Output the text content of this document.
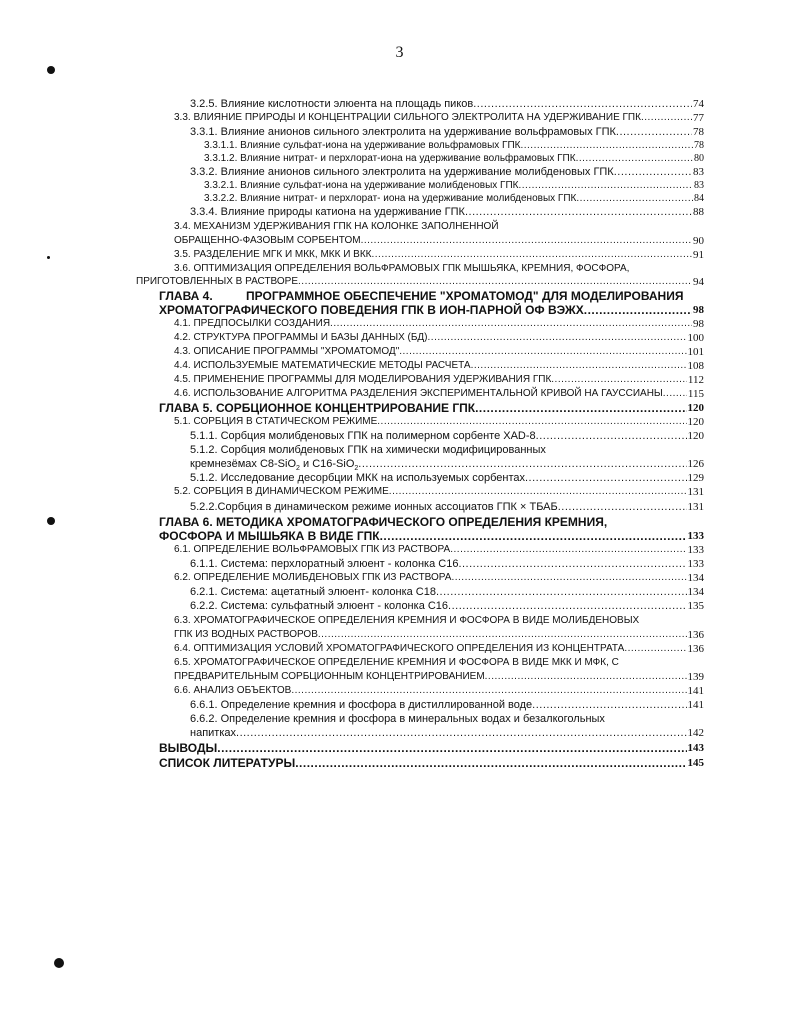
3
3.2.5. Влияние кислотности элюента на площадь пиков .....	74
3.3. ВЛИЯНИЕ ПРИРОДЫ И КОНЦЕНТРАЦИИ СИЛЬНОГО ЭЛЕКТРОЛИТА НА УДЕРЖИВАНИЕ ГПК .....	77
3.3.1. Влияние анионов сильного электролита на удерживание вольфрамовых ГПК .....	78
3.3.1.1. Влияние сульфат-иона на удерживание вольфрамовых ГПК .....	78
3.3.1.2. Влияние нитрат- и перхлорат-иона на удерживание вольфрамовых ГПК .....	80
3.3.2. Влияние анионов сильного электролита на удерживание молибденовых ГПК .....	83
3.3.2.1. Влияние сульфат-иона на удерживание молибденовых ГПК .....	83
3.3.2.2. Влияние нитрат- и перхлорат- иона на удерживание молибденовых ГПК .....	84
3.3.4. Влияние природы катиона на удерживание ГПК .....	88
3.4. МЕХАНИЗМ УДЕРЖИВАНИЯ ГПК НА КОЛОНКЕ ЗАПОЛНЕННОЙ
ОБРАЩЕННО-ФАЗОВЫМ СОРБЕНТОМ .....	90
3.5. РАЗДЕЛЕНИЕ МГК И МКК, МКК И ВКК .....	91
3.6. ОПТИМИЗАЦИЯ ОПРЕДЕЛЕНИЯ ВОЛЬФРАМОВЫХ ГПК МЫШЬЯКА, КРЕМНИЯ, ФОСФОРА,
ПРИГОТОВЛЕННЫХ В РАСТВОРЕ .....	94
ГЛАВА 4.	ПРОГРАММНОЕ ОБЕСПЕЧЕНИЕ "ХРОМАТОМОД" ДЛЯ МОДЕЛИРОВАНИЯ
ХРОМАТОГРАФИЧЕСКОГО ПОВЕДЕНИЯ ГПК В ИОН-ПАРНОЙ ОФ ВЭЖХ .....	98
4.1. ПРЕДПОСЫЛКИ СОЗДАНИЯ .....	98
4.2. СТРУКТУРА ПРОГРАММЫ И БАЗЫ ДАННЫХ (БД) .....	100
4.3. ОПИСАНИЕ ПРОГРАММЫ "ХРОМАТОМОД" .....	101
4.4. ИСПОЛЬЗУЕМЫЕ МАТЕМАТИЧЕСКИЕ МЕТОДЫ РАСЧЕТА .....	108
4.5. ПРИМЕНЕНИЕ ПРОГРАММЫ ДЛЯ МОДЕЛИРОВАНИЯ УДЕРЖИВАНИЯ ГПК .....	112
4.6. ИСПОЛЬЗОВАНИЕ АЛГОРИТМА РАЗДЕЛЕНИЯ ЭКСПЕРИМЕНТАЛЬНОЙ КРИВОЙ НА ГАУССИАНЫ ..... 115
ГЛАВА 5. СОРБЦИОННОЕ КОНЦЕНТРИРОВАНИЕ ГПК .....	120
5.1. СОРБЦИЯ В СТАТИЧЕСКОМ РЕЖИМЕ .....	120
5.1.1. Сорбция молибденовых ГПК на полимерном сорбенте XAD-8 .....	120
5.1.2. Сорбция молибденовых ГПК на химически модифицированных
кремнезёмах C8-SiO$_2$ и C16-SiO$_2$ .....	126
5.1.2. Исследование десорбции МКК на используемых сорбентах .....	129
5.2. СОРБЦИЯ В ДИНАМИЧЕСКОМ РЕЖИМЕ .....	131
5.2.2.Сорбция в динамическом режиме ионных ассоциатов ГПК × ТБАБ .....	131
ГЛАВА 6. МЕТОДИКА ХРОМАТОГРАФИЧЕСКОГО ОПРЕДЕЛЕНИЯ КРЕМНИЯ,
ФОСФОРА И МЫШЬЯКА В ВИДЕ ГПК .....	133
6.1. ОПРЕДЕЛЕНИЕ ВОЛЬФРАМОВЫХ ГПК ИЗ РАСТВОРА .....	133
6.1.1. Система: перхлоратный элюент - колонка C16 .....	133
6.2. ОПРЕДЕЛЕНИЕ МОЛИБДЕНОВЫХ ГПК ИЗ РАСТВОРА .....	134
6.2.1. Система: ацетатный элюент- колонка C18 .....	134
6.2.2. Система: сульфатный элюент - колонка C16 .....	135
6.3. ХРОМАТОГРАФИЧЕСКОЕ ОПРЕДЕЛЕНИЯ КРЕМНИЯ И ФОСФОРА В ВИДЕ МОЛИБДЕНОВЫХ
ГПК ИЗ ВОДНЫХ РАСТВОРОВ .....	136
6.4. ОПТИМИЗАЦИЯ УСЛОВИЙ ХРОМАТОГРАФИЧЕСКОГО ОПРЕДЕЛЕНИЯ ИЗ КОНЦЕНТРАТА .....	136
6.5. ХРОМАТОГРАФИЧЕСКОЕ ОПРЕДЕЛЕНИЕ КРЕМНИЯ И ФОСФОРА В ВИДЕ МКК И МФК, С
ПРЕДВАРИТЕЛЬНЫМ СОРБЦИОННЫМ КОНЦЕНТРИРОВАНИЕМ .....	139
6.6. АНАЛИЗ ОБЪЕКТОВ .....	141
6.6.1. Определение кремния и фосфора в дистиллированной воде .....	141
6.6.2. Определение кремния и фосфора в минеральных водах и безалкогольных
напитках .....	142
ВЫВОДЫ .....	143
СПИСОК ЛИТЕРАТУРЫ .....	145
